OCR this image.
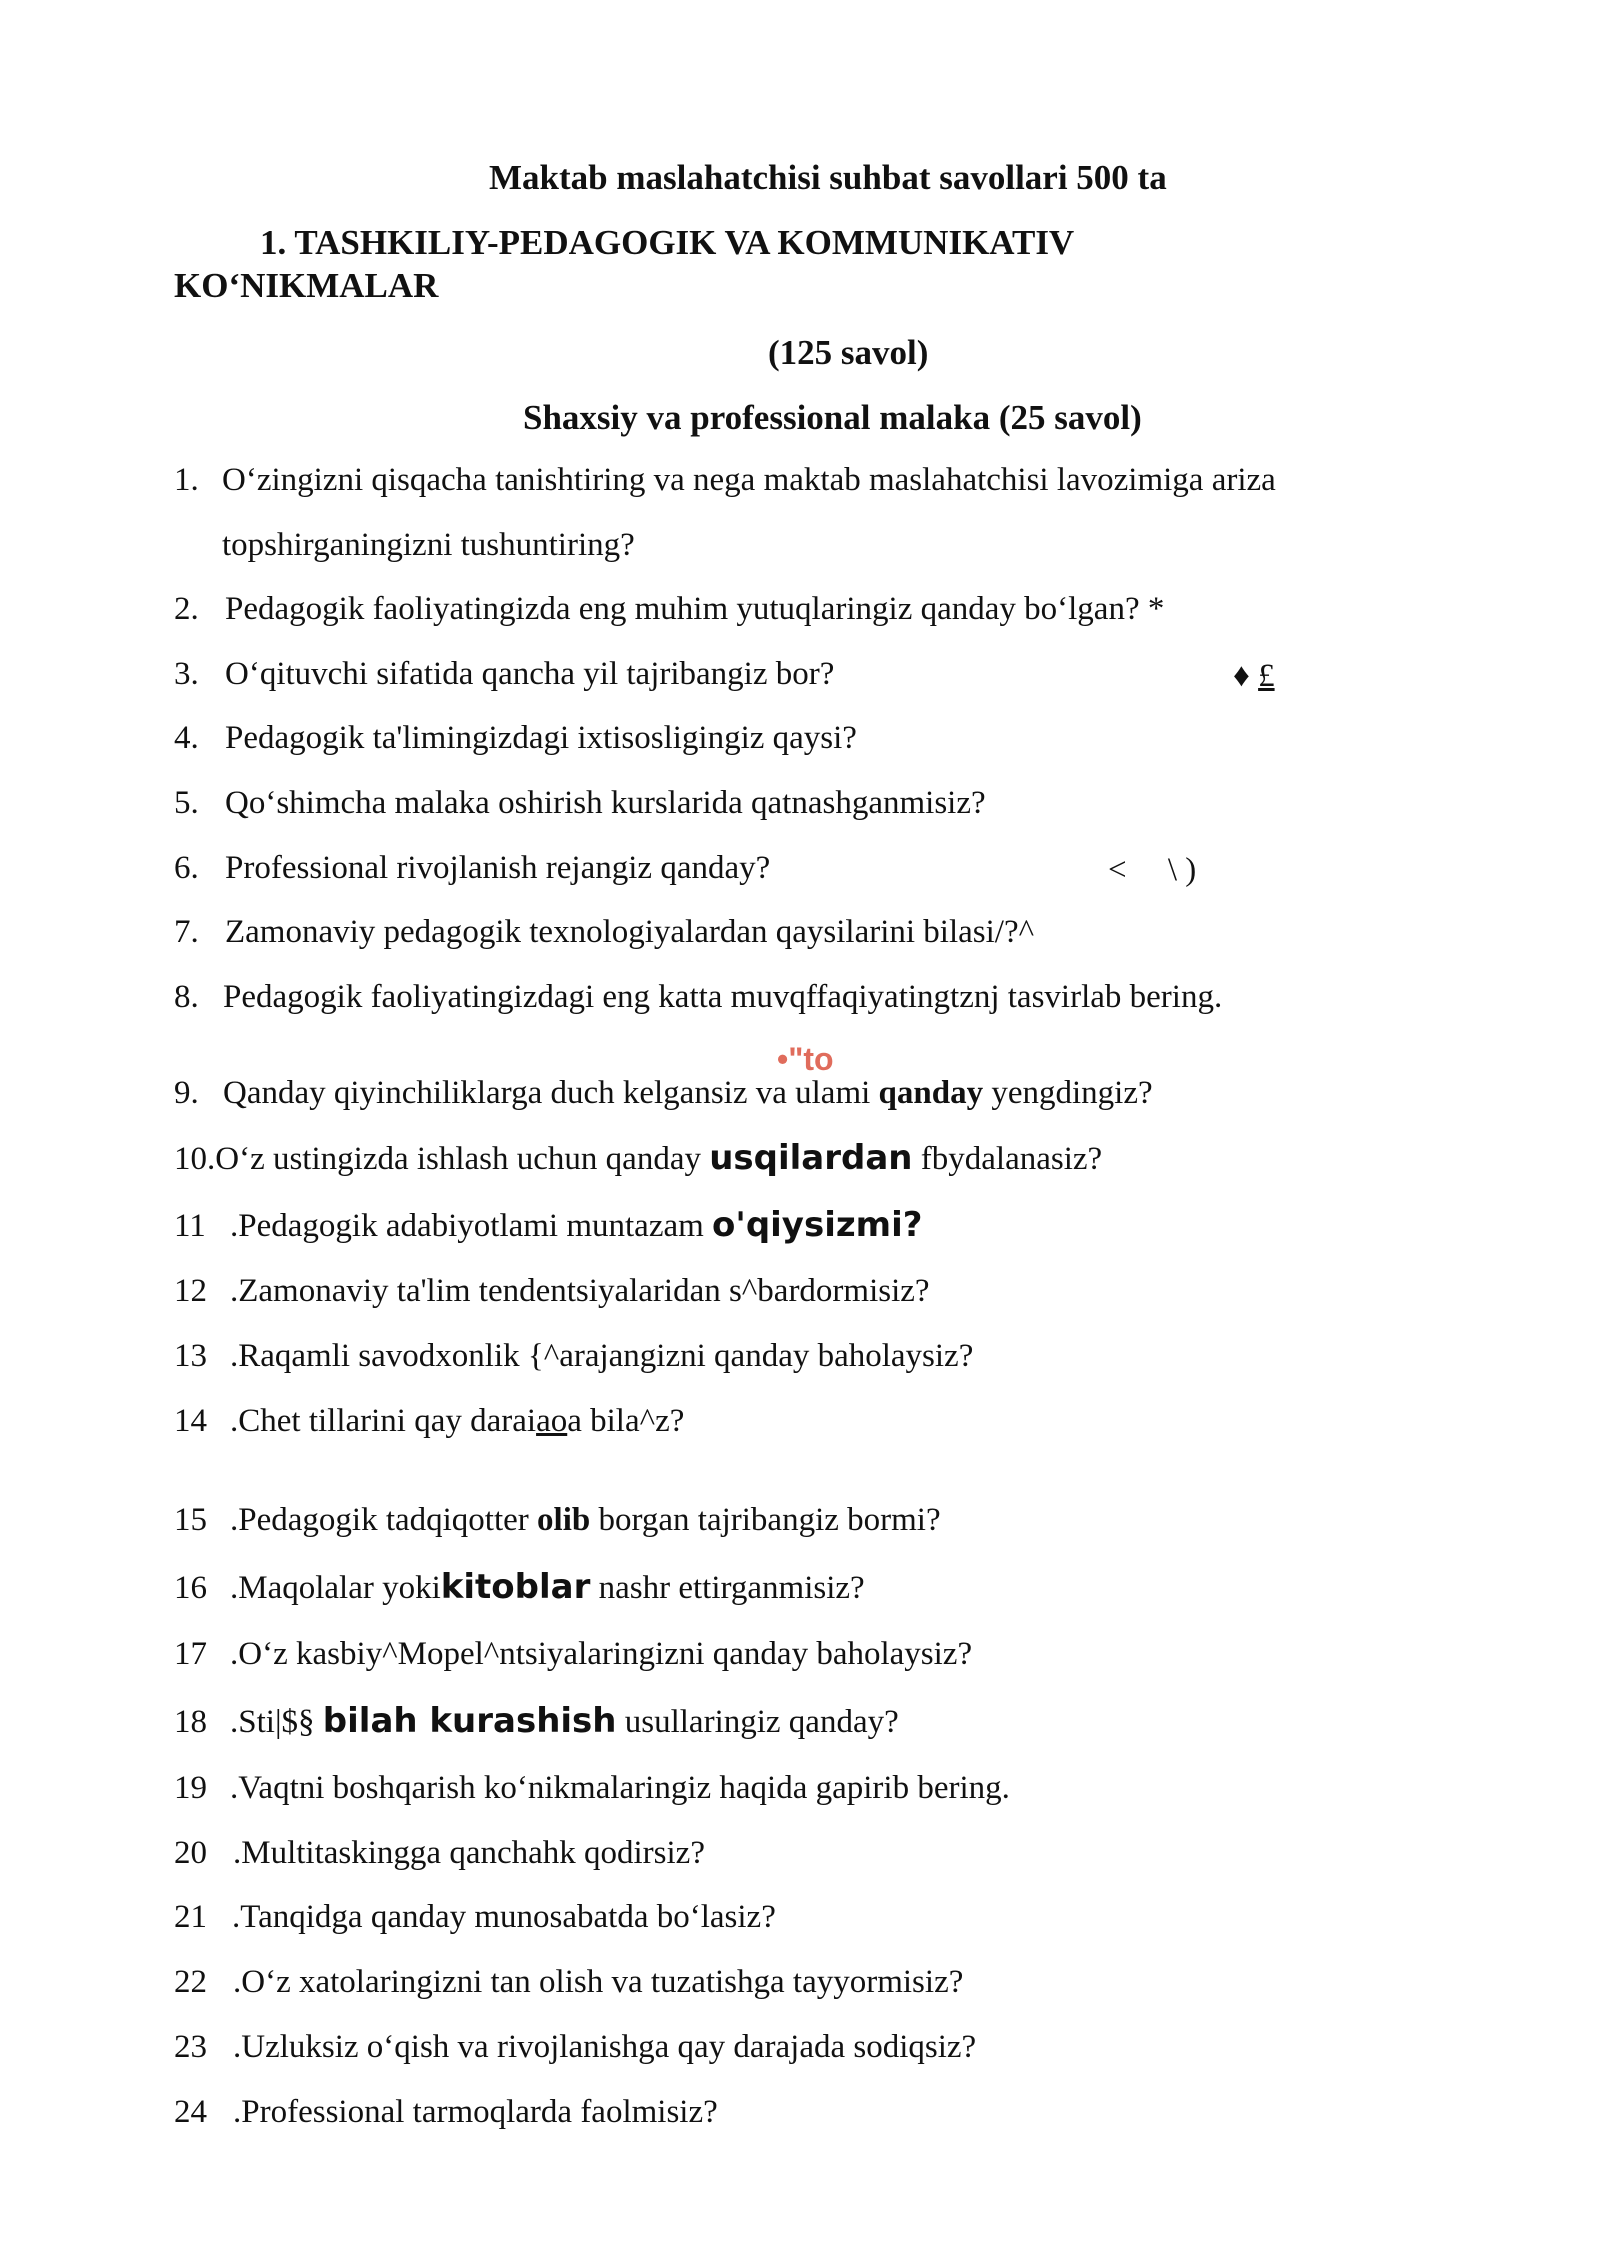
Maktab maslahatchisi suhbat savollari 500 ta
1. TASHKILIY-PEDAGOGIK VA KOMMUNIKATIV
KO‘NIKMALAR
(125 savol)
Shaxsiy va professional malaka (25 savol)
1. O‘zingizni qisqacha tanishtiring va nega maktab maslahatchisi lavozimiga ariza
topshirganingizni tushuntiring?
2. Pedagogik faoliyatingizda eng muhim yutuqlaringiz qanday bo‘lgan? *
3. O‘qituvchi sifatida qancha yil tajribangiz bor?	♦ £
4. Pedagogik ta'limingizdagi ixtisosligingiz qaysi?
5. Qo‘shimcha malaka oshirish kurslarida qatnashganmisiz?
6. Professional rivojlanish rejangiz qanday?	<     \ )
7. Zamonaviy pedagogik texnologiyalardan qaysilarini bilasi/?^
8. Pedagogik faoliyatingizdagi eng katta muvqffaqiyatingtznj tasvirlab bering.
•"to
9. Qanday qiyinchiliklarga duch kelgansiz va ulami qanday yengdingiz?
10.O‘z ustingizda ishlash uchun qanday usqilardan fbydalanasiz?
11 .Pedagogik adabiyotlami muntazam o'qiysizmi?
12 .Zamonaviy ta'lim tendentsiyalaridan s^bardormisiz?
13 .Raqamli savodxonlik {^arajangizni qanday baholaysiz?
14 .Chet tillarini qay daraiaoa bila^z?
15 .Pedagogik tadqiqotter olib borgan tajribangiz bormi?
16 .Maqolalar yokikitoblar nashr ettirganmisiz?
17 .O‘z kasbiy^Mopel^ntsiyalaringizni qanday baholaysiz?
18 .Sti|$§ bilah kurashish usullaringiz qanday?
19 .Vaqtni boshqarish ko‘nikmalaringiz haqida gapirib bering.
20 .Multitaskingga qanchahk qodirsiz?
21 .Tanqidga qanday munosabatda bo‘lasiz?
22 .O‘z xatolaringizni tan olish va tuzatishga tayyormisiz?
23 .Uzluksiz o‘qish va rivojlanishga qay darajada sodiqsiz?
24 .Professional tarmoqlarda faolmisiz?
